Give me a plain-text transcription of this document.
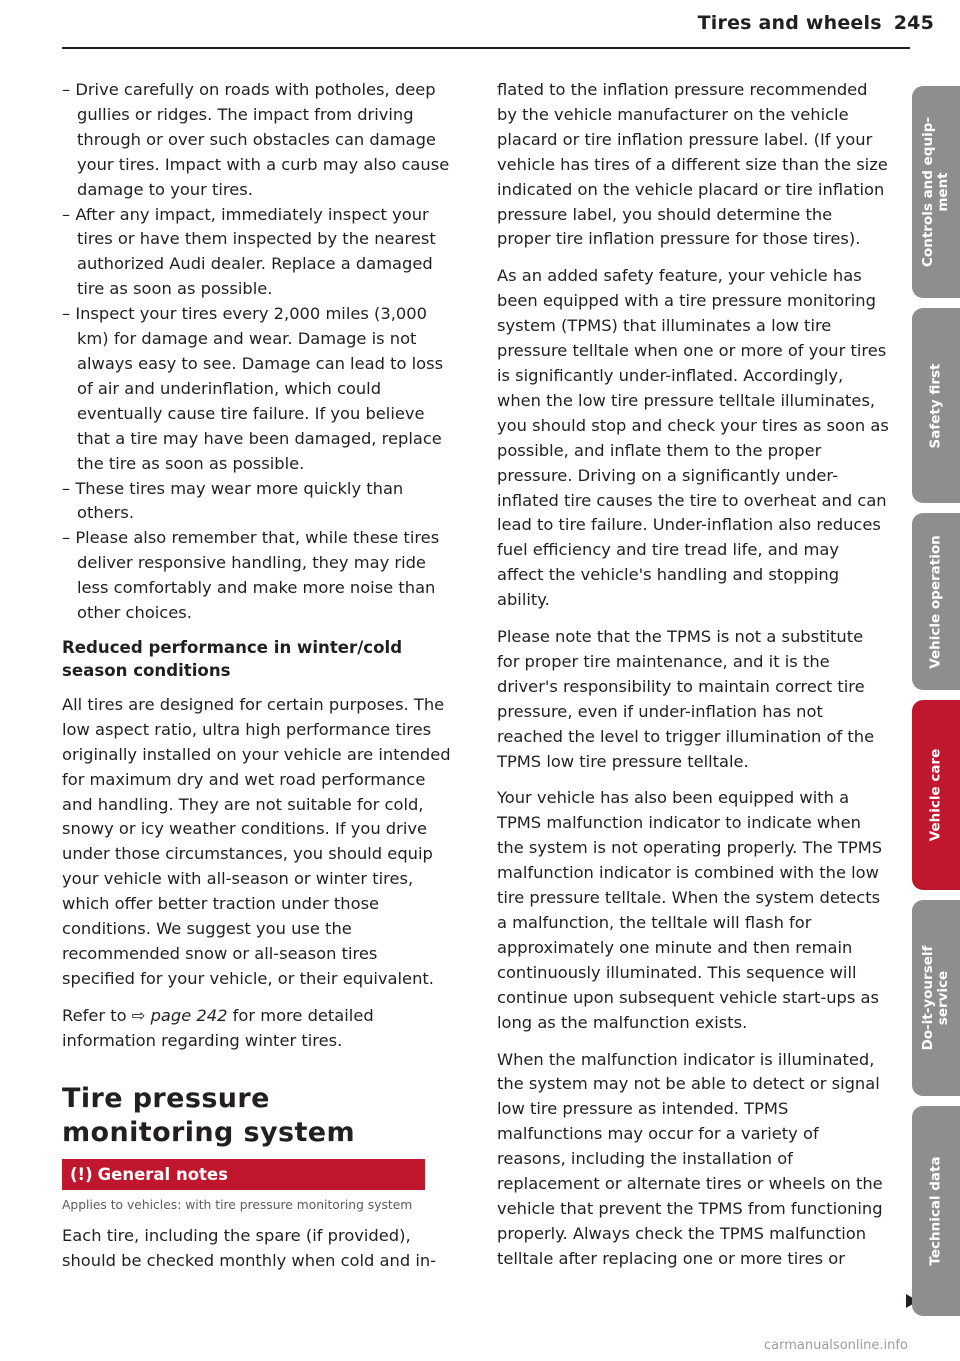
Tires and wheels 245

– Drive carefully on roads with potholes, deep gullies or ridges. The impact from driving through or over such obstacles can damage your tires. Impact with a curb may also cause damage to your tires.

– After any impact, immediately inspect your tires or have them inspected by the nearest authorized Audi dealer. Replace a damaged tire as soon as possible.

– Inspect your tires every 2,000 miles (3,000 km) for damage and wear. Damage is not always easy to see. Damage can lead to loss of air and underinflation, which could eventually cause tire failure. If you believe that a tire may have been damaged, replace the tire as soon as possible.

– These tires may wear more quickly than others.

– Please also remember that, while these tires deliver responsive handling, they may ride less comfortably and make more noise than other choices.

Reduced performance in winter/cold season conditions

All tires are designed for certain purposes. The low aspect ratio, ultra high performance tires originally installed on your vehicle are intended for maximum dry and wet road performance and handling. They are not suitable for cold, snowy or icy weather conditions. If you drive under those circumstances, you should equip your vehicle with all-season or winter tires, which offer better traction under those conditions. We suggest you use the recommended snow or all-season tires specified for your vehicle, or their equivalent.

Refer to ⇨ page 242 for more detailed information regarding winter tires.

Tire pressure
monitoring system
(!) General notes
Applies to vehicles: with tire pressure monitoring system

Each tire, including the spare (if provided), should be checked monthly when cold and in-

flated to the inflation pressure recommended by the vehicle manufacturer on the vehicle placard or tire inflation pressure label. (If your vehicle has tires of a different size than the size indicated on the vehicle placard or tire inflation pressure label, you should determine the proper tire inflation pressure for those tires).

As an added safety feature, your vehicle has been equipped with a tire pressure monitoring system (TPMS) that illuminates a low tire pressure telltale when one or more of your tires is significantly under-inflated. Accordingly, when the low tire pressure telltale illuminates, you should stop and check your tires as soon as possible, and inflate them to the proper pressure. Driving on a significantly under-inflated tire causes the tire to overheat and can lead to tire failure. Under-inflation also reduces fuel efficiency and tire tread life, and may affect the vehicle's handling and stopping ability.

Please note that the TPMS is not a substitute for proper tire maintenance, and it is the driver's responsibility to maintain correct tire pressure, even if under-inflation has not reached the level to trigger illumination of the TPMS low tire pressure telltale.

Your vehicle has also been equipped with a TPMS malfunction indicator to indicate when the system is not operating properly. The TPMS malfunction indicator is combined with the low tire pressure telltale. When the system detects a malfunction, the telltale will flash for approximately one minute and then remain continuously illuminated. This sequence will continue upon subsequent vehicle start-ups as long as the malfunction exists.

When the malfunction indicator is illuminated, the system may not be able to detect or signal low tire pressure as intended. TPMS malfunctions may occur for a variety of reasons, including the installation of replacement or alternate tires or wheels on the vehicle that prevent the TPMS from functioning properly. Always check the TPMS malfunction telltale after replacing one or more tires or

Controls and equip- ment
Safety first
Vehicle operation
Vehicle care
Do-it-yourself service
Technical data
carmanualsonline.info
